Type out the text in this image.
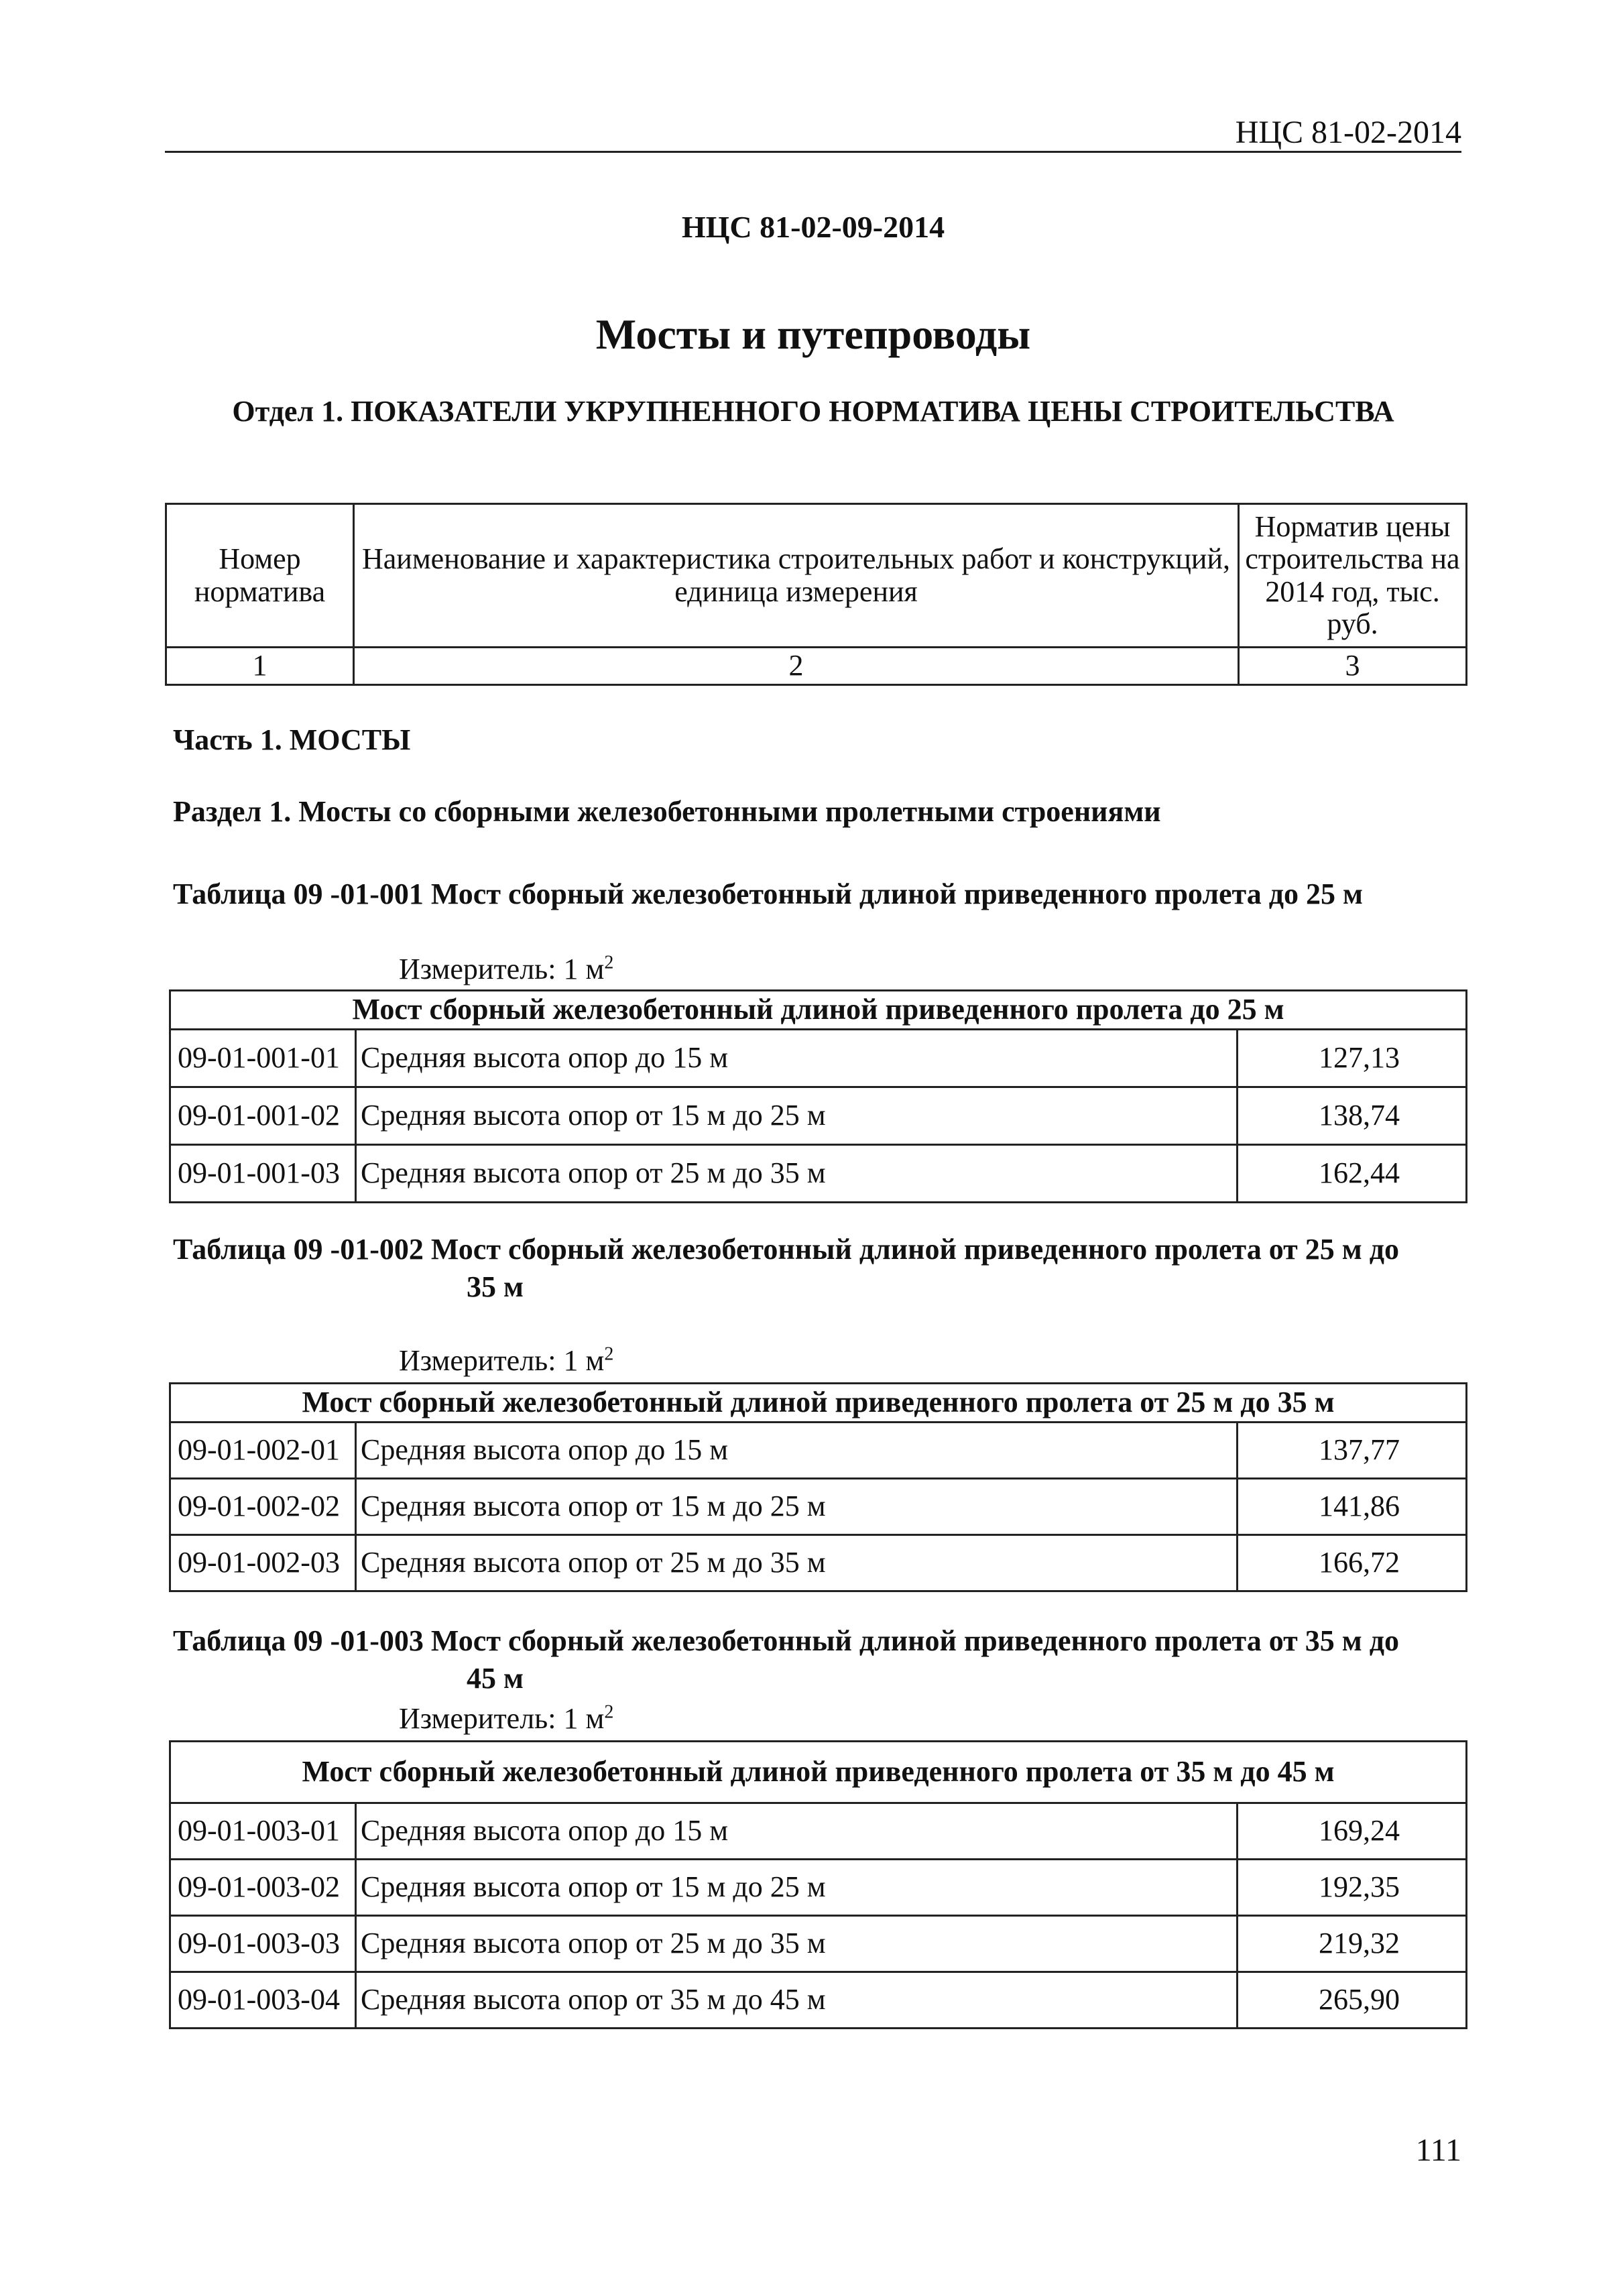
НЦС 81-02-2014
НЦС 81-02-09-2014
Мосты и путепроводы
Отдел 1. ПОКАЗАТЕЛИ УКРУПНЕННОГО НОРМАТИВА ЦЕНЫ СТРОИТЕЛЬСТВА
Номер норматива	Наименование и характеристика строительных работ и конструкций, единица измерения	Норматив цены строительства на 2014 год, тыс. руб.
1	2	3
Часть 1. МОСТЫ
Раздел 1. Мосты со сборными железобетонными пролетными строениями
Таблица 09 -01-001 Мост сборный железобетонный длиной приведенного пролета до 25 м
Измеритель: 1 $м^2$
Мост сборный железобетонный длиной приведенного пролета до 25 м		
09-01-001-01	Средняя высота опор до 15 м	127,13
09-01-001-02	Средняя высота опор от 15 м до 25 м	138,74
09-01-001-03	Средняя высота опор от 25 м до 35 м	162,44
Таблица 09 -01-002 Мост сборный железобетонный длиной приведенного пролета от 25 м до
35 м
Измеритель: 1 $м^2$
Мост сборный железобетонный длиной приведенного пролета от 25 м до 35 м		
09-01-002-01	Средняя высота опор до 15 м	137,77
09-01-002-02	Средняя высота опор от 15 м до 25 м	141,86
09-01-002-03	Средняя высота опор от 25 м до 35 м	166,72
Таблица 09 -01-003 Мост сборный железобетонный длиной приведенного пролета от 35 м до
45 м
Измеритель: 1 $м^2$
Мост сборный железобетонный длиной приведенного пролета от 35 м до 45 м		
09-01-003-01	Средняя высота опор до 15 м	169,24
09-01-003-02	Средняя высота опор от 15 м до 25 м	192,35
09-01-003-03	Средняя высота опор от 25 м до 35 м	219,32
09-01-003-04	Средняя высота опор от 35 м до 45 м	265,90
111
